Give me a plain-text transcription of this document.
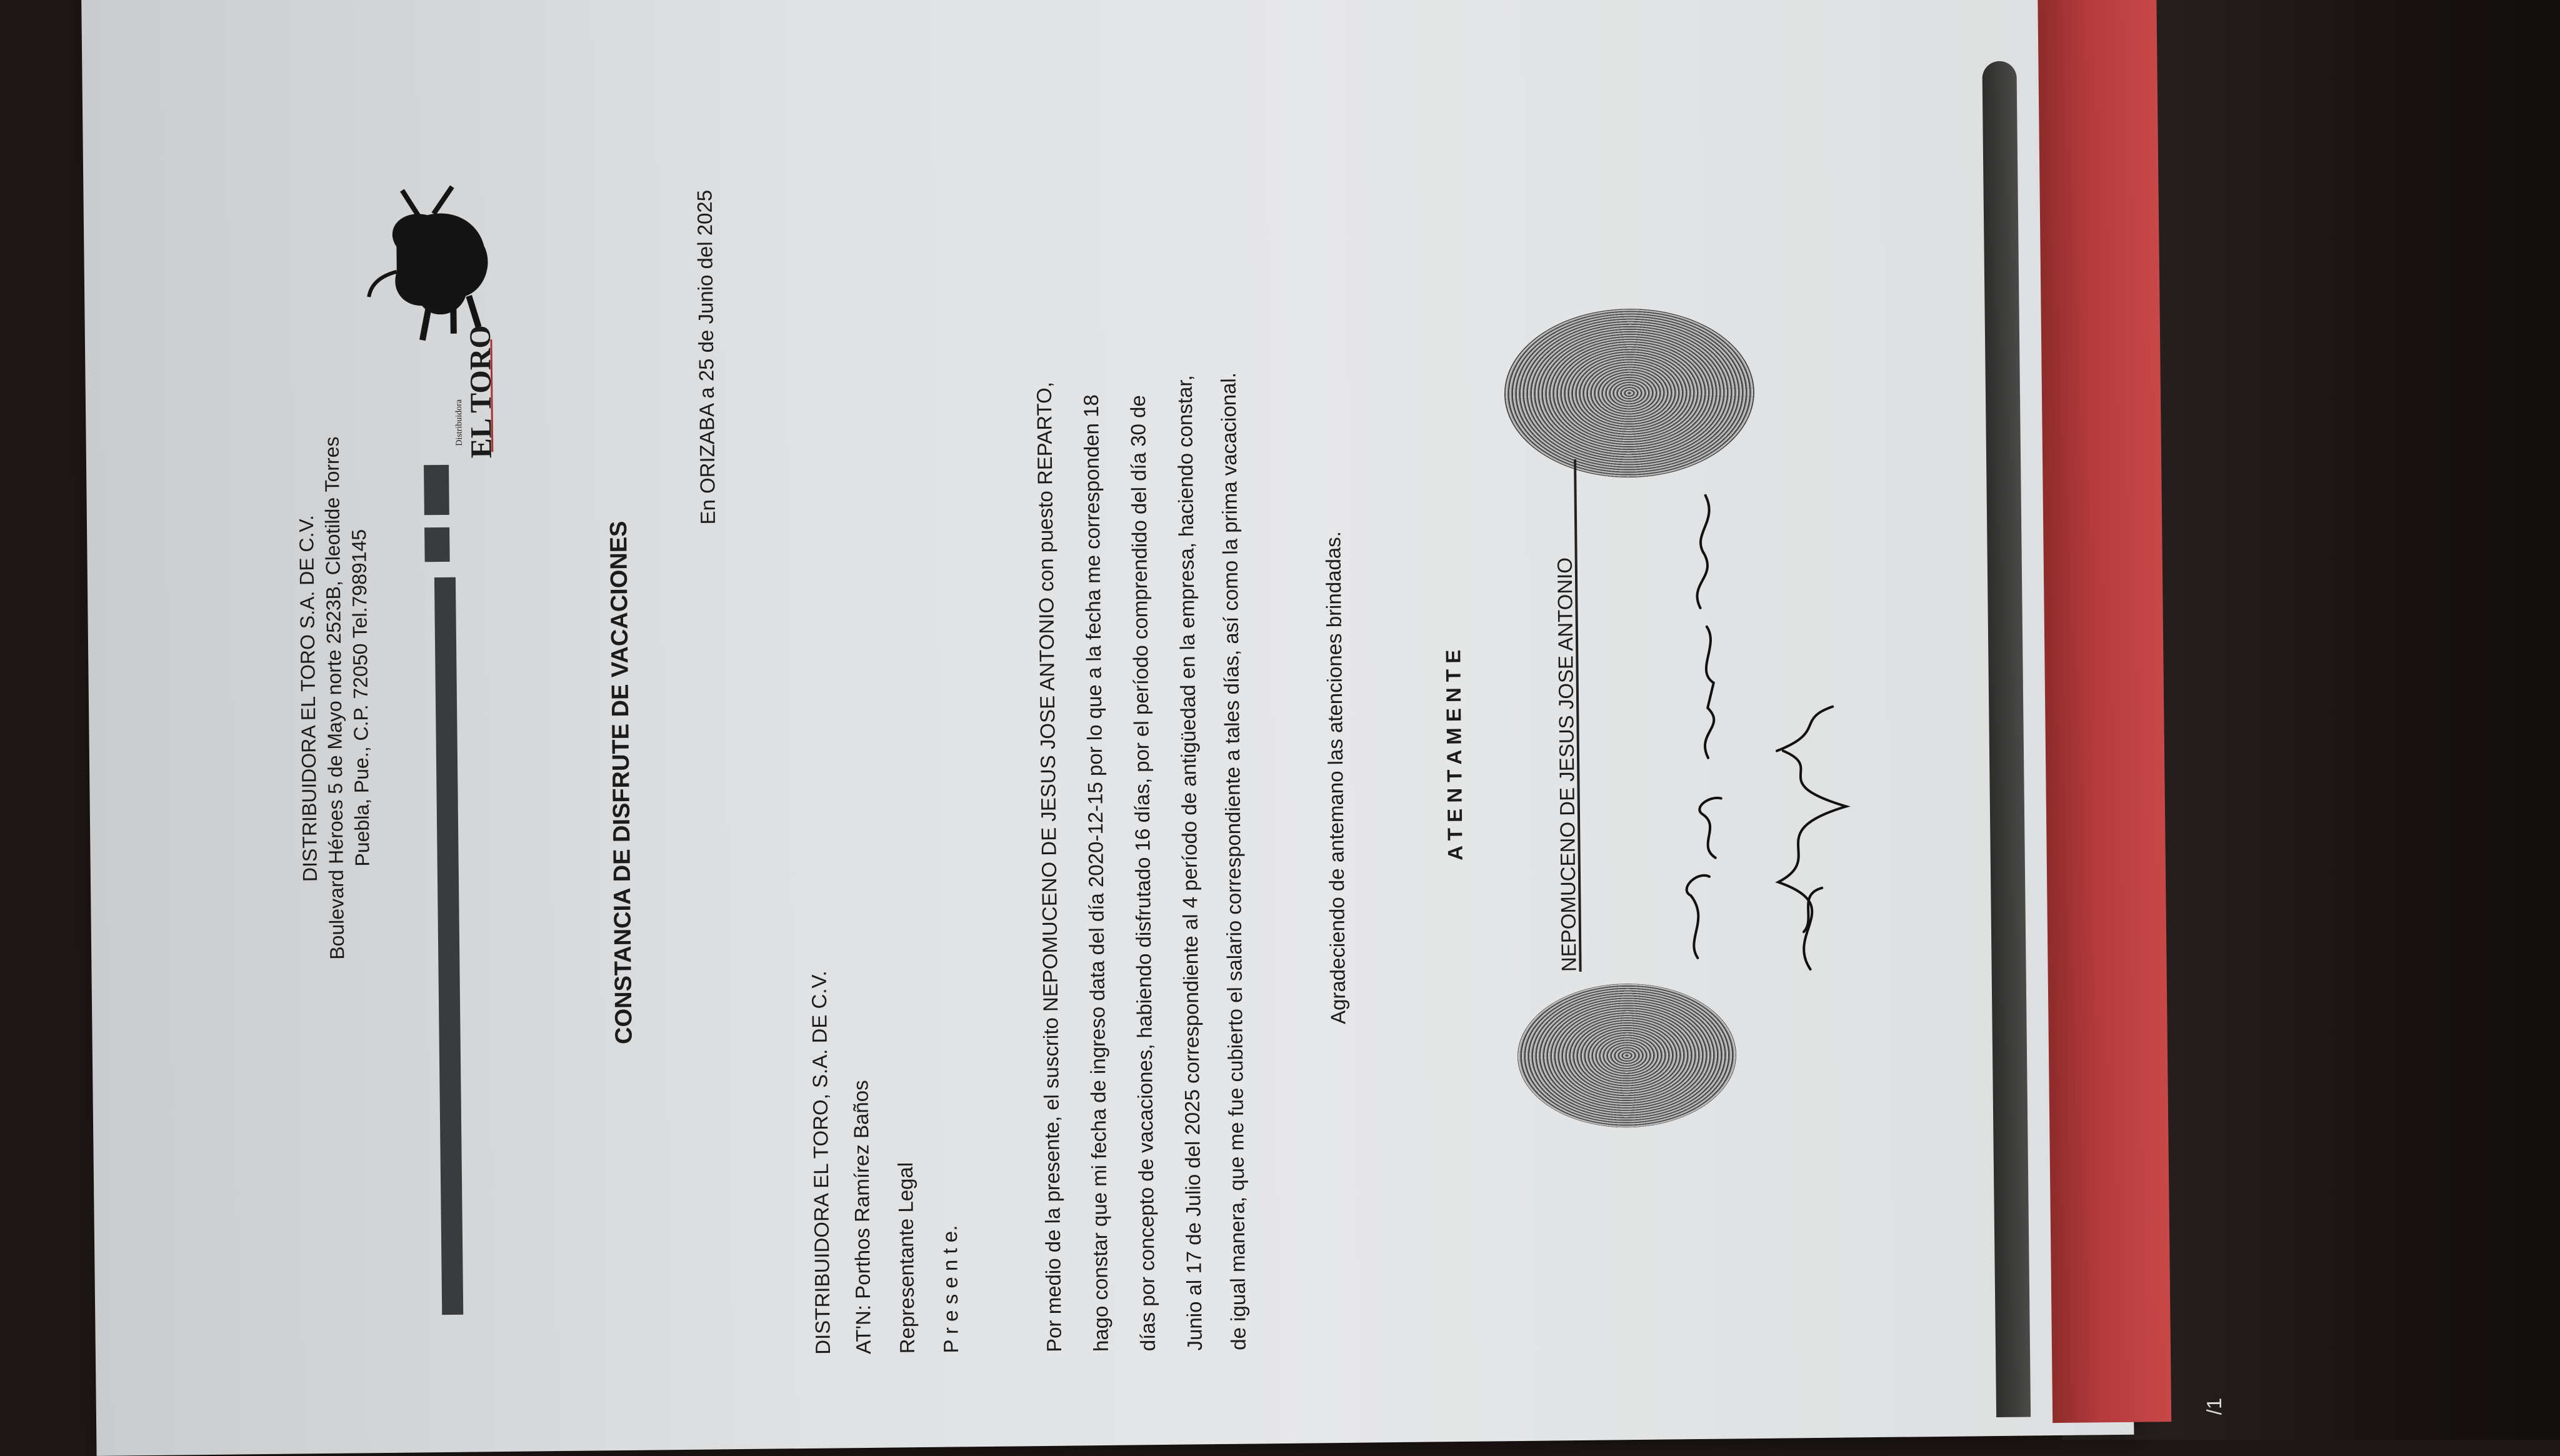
DISTRIBUIDORA EL TORO S.A. DE C.V.
Boulevard Héroes 5 de Mayo norte 2523B, Cleotilde Torres
Puebla, Pue., C.P. 72050 Tel.7989145
Distribuidora
EL TORO
CONSTANCIA DE DISFRUTE DE VACACIONES
En ORIZABA a 25 de Junio del 2025
DISTRIBUIDORA EL TORO, S.A. DE C.V. AT'N: Porthos Ramírez Baños Representante Legal P r e s e n t e.	Por medio de la presente, el suscrito NEPOMUCENO DE JESUS JOSE ANTONIO con puesto REPARTO, hago constar que mi fecha de ingreso data del día 2020-12-15 por lo que a la fecha me corresponden 18 días por concepto de vacaciones, habiendo disfrutado 16 días, por el período comprendido del día 30 de Junio al 17 de Julio del 2025 correspondiente al 4 período de antigüedad en la empresa, haciendo constar, de igual manera, que me fue cubierto el salario correspondiente a tales días, así como la prima vacacional.	Agradeciendo de antemano las atenciones brindadas.	A T E N T A M E N T E	NEPOMUCENO DE JESUS JOSE ANTONIO
/1
